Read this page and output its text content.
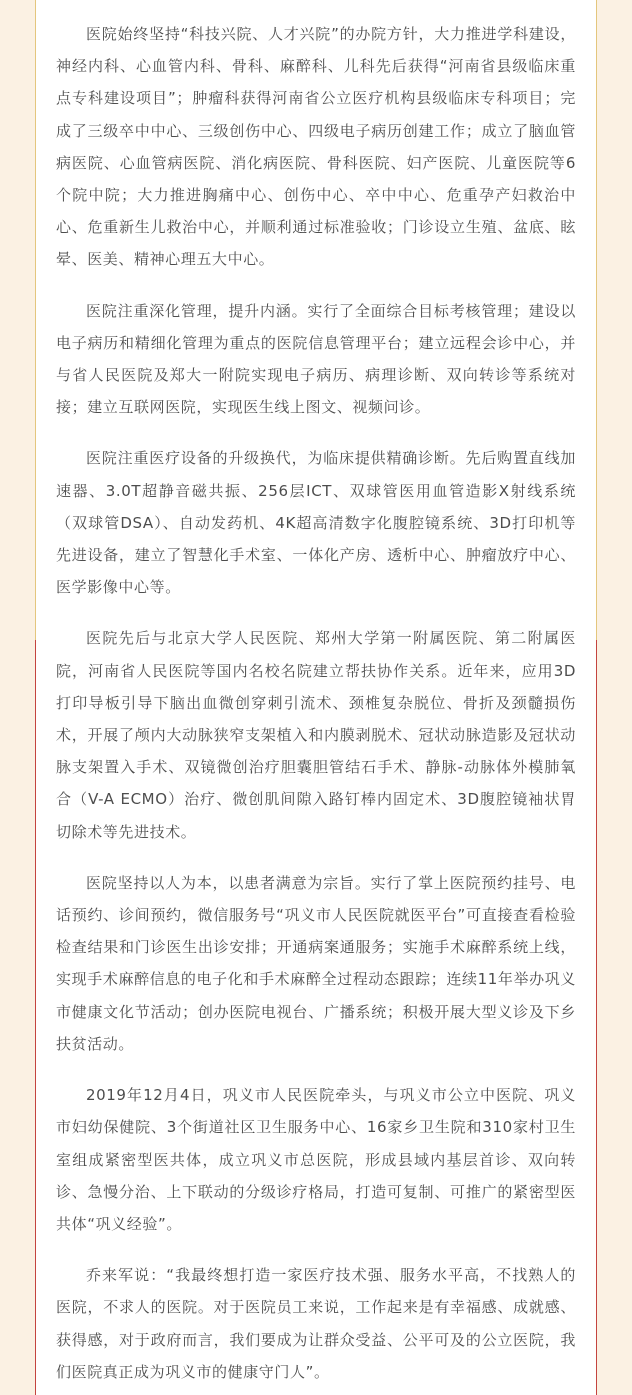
医院始终坚持“科技兴院、人才兴院”的办院方针，大力推进学科建设，神经内科、心血管内科、骨科、麻醉科、儿科先后获得“河南省县级临床重点专科建设项目”；肿瘤科获得河南省公立医疗机构县级临床专科项目；完成了三级卒中中心、三级创伤中心、四级电子病历创建工作；成立了脑血管病医院、心血管病医院、消化病医院、骨科医院、妇产医院、儿童医院等6个院中院；大力推进胸痛中心、创伤中心、卒中中心、危重孕产妇救治中心、危重新生儿救治中心，并顺利通过标准验收；门诊设立生殖、盆底、眩晕、医美、精神心理五大中心。

医院注重深化管理，提升内涵。实行了全面综合目标考核管理；建设以电子病历和精细化管理为重点的医院信息管理平台；建立远程会诊中心，并与省人民医院及郑大一附院实现电子病历、病理诊断、双向转诊等系统对接；建立互联网医院，实现医生线上图文、视频问诊。

医院注重医疗设备的升级换代，为临床提供精确诊断。先后购置直线加速器、3.0T超静音磁共振、256层ICT、双球管医用血管造影X射线系统（双球管DSA）、自动发药机、4K超高清数字化腹腔镜系统、3D打印机等先进设备，建立了智慧化手术室、一体化产房、透析中心、肿瘤放疗中心、医学影像中心等。

医院先后与北京大学人民医院、郑州大学第一附属医院、第二附属医院，河南省人民医院等国内名校名院建立帮扶协作关系。近年来，应用3D打印导板引导下脑出血微创穿刺引流术、颈椎复杂脱位、骨折及颈髓损伤术，开展了颅内大动脉狭窄支架植入和内膜剥脱术、冠状动脉造影及冠状动脉支架置入手术、双镜微创治疗胆囊胆管结石手术、静脉-动脉体外模肺氧合（V-A ECMO）治疗、微创肌间隙入路钉棒内固定术、3D腹腔镜袖状胃切除术等先进技术。

医院坚持以人为本，以患者满意为宗旨。实行了掌上医院预约挂号、电话预约、诊间预约，微信服务号“巩义市人民医院就医平台”可直接查看检验检查结果和门诊医生出诊安排；开通病案通服务；实施手术麻醉系统上线，实现手术麻醉信息的电子化和手术麻醉全过程动态跟踪；连续11年举办巩义市健康文化节活动；创办医院电视台、广播系统；积极开展大型义诊及下乡扶贫活动。

2019年12月4日，巩义市人民医院牵头，与巩义市公立中医院、巩义市妇幼保健院、3个街道社区卫生服务中心、16家乡卫生院和310家村卫生室组成紧密型医共体，成立巩义市总医院，形成县域内基层首诊、双向转诊、急慢分治、上下联动的分级诊疗格局，打造可复制、可推广的紧密型医共体“巩义经验”。

乔来军说：“我最终想打造一家医疗技术强、服务水平高，不找熟人的医院，不求人的医院。对于医院员工来说，工作起来是有幸福感、成就感、获得感，对于政府而言，我们要成为让群众受益、公平可及的公立医院，我们医院真正成为巩义市的健康守门人”。
